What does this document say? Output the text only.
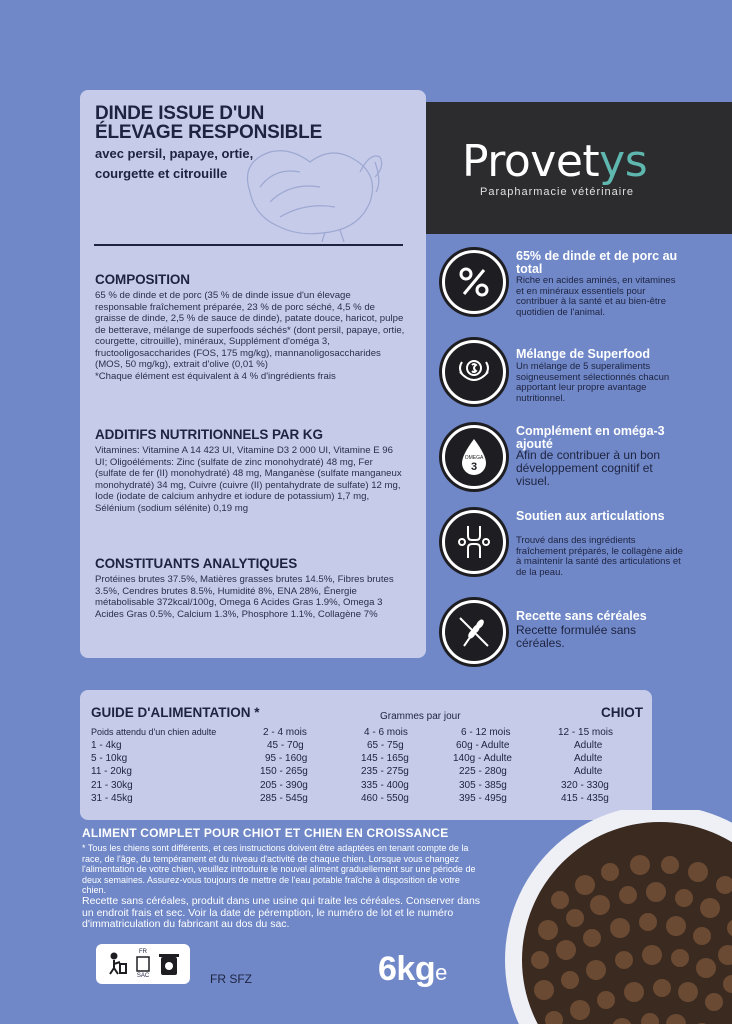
DINDE ISSUE D'UN
ÉLEVAGE RESPONSIBLE
avec persil, papaye, ortie,
courgette et citrouille
COMPOSITION

65 % de dinde et de porc (35 % de dinde issue d'un élevage responsable fraîchement préparée, 23 % de porc séché, 4,5 % de graisse de dinde, 2,5 % de sauce de dinde), patate douce, haricot, pulpe de betterave, mélange de superfoods séchés* (dont persil, papaye, ortie, courgette, citrouille), minéraux, Supplément d'oméga 3, fructooligosaccharides (FOS, 175 mg/kg), mannanoligosaccharides (MOS, 50 mg/kg), extrait d'olive (0,01 %)

*Chaque élément est équivalent à 4 % d'ingrédients frais

ADDITIFS NUTRITIONNELS PAR KG

Vitamines: Vitamine A 14 423 UI, Vitamine D3 2 000 UI, Vitamine E 96 UI; Oligoéléments: Zinc (sulfate de zinc monohydraté) 48 mg, Fer (sulfate de fer (II) monohydraté) 48 mg, Manganèse (sulfate manganeux monohydraté) 34 mg, Cuivre (cuivre (II) pentahydrate de sulfate) 12 mg, Iode (iodate de calcium anhydre et iodure de potassium) 1,7 mg, Sélénium (sodium sélénite) 0,19 mg

CONSTITUANTS ANALYTIQUES

Protéines brutes 37.5%, Matières grasses brutes 14.5%, Fibres brutes 3.5%, Cendres brutes 8.5%, Humidité 8%, ENA 28%, Énergie métabolisable 372kcal/100g, Omega 6 Acides Gras 1.9%, Omega 3 Acides Gras 0.5%, Calcium 1.3%, Phosphore 1.1%, Collagène 7%

Provetys
Parapharmacie vétérinaire
65% de dinde et de porc au total
Riche en acides aminés, en vitamines et en minéraux essentiels pour contribuer à la santé et au bien-être quotidien de l'animal.
Mélange de Superfood
Un mélange de 5 superaliments soigneusement sélectionnés chacun apportant leur propre avantage nutritionnel.
OMEGA
3
Complément en oméga-3 ajouté
Afin de contribuer à un bon développement cognitif et visuel.
Soutien aux articulations
Trouvé dans des ingrédients fraîchement préparés, le collagène aide à maintenir la santé des articulations et de la peau.
Recette sans céréales
Recette formulée sans céréales.
GUIDE D'ALIMENTATION *	Grammes par jour	CHIOT
Poids attendu d'un chien adulte	2 - 4 mois	4 - 6 mois	6 - 12 mois	12 - 15 mois
1 - 4kg	45 - 70g	65 - 75g	60g - Adulte	Adulte
5 - 10kg	95 - 160g	145 - 165g	140g - Adulte	Adulte
11 - 20kg	150 - 265g	235 - 275g	225 - 280g	Adulte
21 - 30kg	205 - 390g	335 - 400g	305 - 385g	320 - 330g
31 - 45kg	285 - 545g	460 - 550g	395 - 495g	415 - 435g
ALIMENT COMPLET POUR CHIOT ET CHIEN EN CROISSANCE
* Tous les chiens sont différents, et ces instructions doivent être adaptées en tenant compte de la race, de l'âge, du tempérament et du niveau d'activité de chaque chien. Lorsque vous changez l'alimentation de votre chien, veuillez introduire le nouvel aliment graduellement sur une période de deux semaines. Assurez-vous toujours de mettre de l'eau potable fraîche à disposition de votre chien.
Recette sans céréales, produit dans une usine qui traite les céréales. Conserver dans un endroit frais et sec. Voir la date de péremption, le numéro de lot et le numéro d'immatriculation du fabricant au dos du sac.
FR
SAC	FR SFZ	6kge
